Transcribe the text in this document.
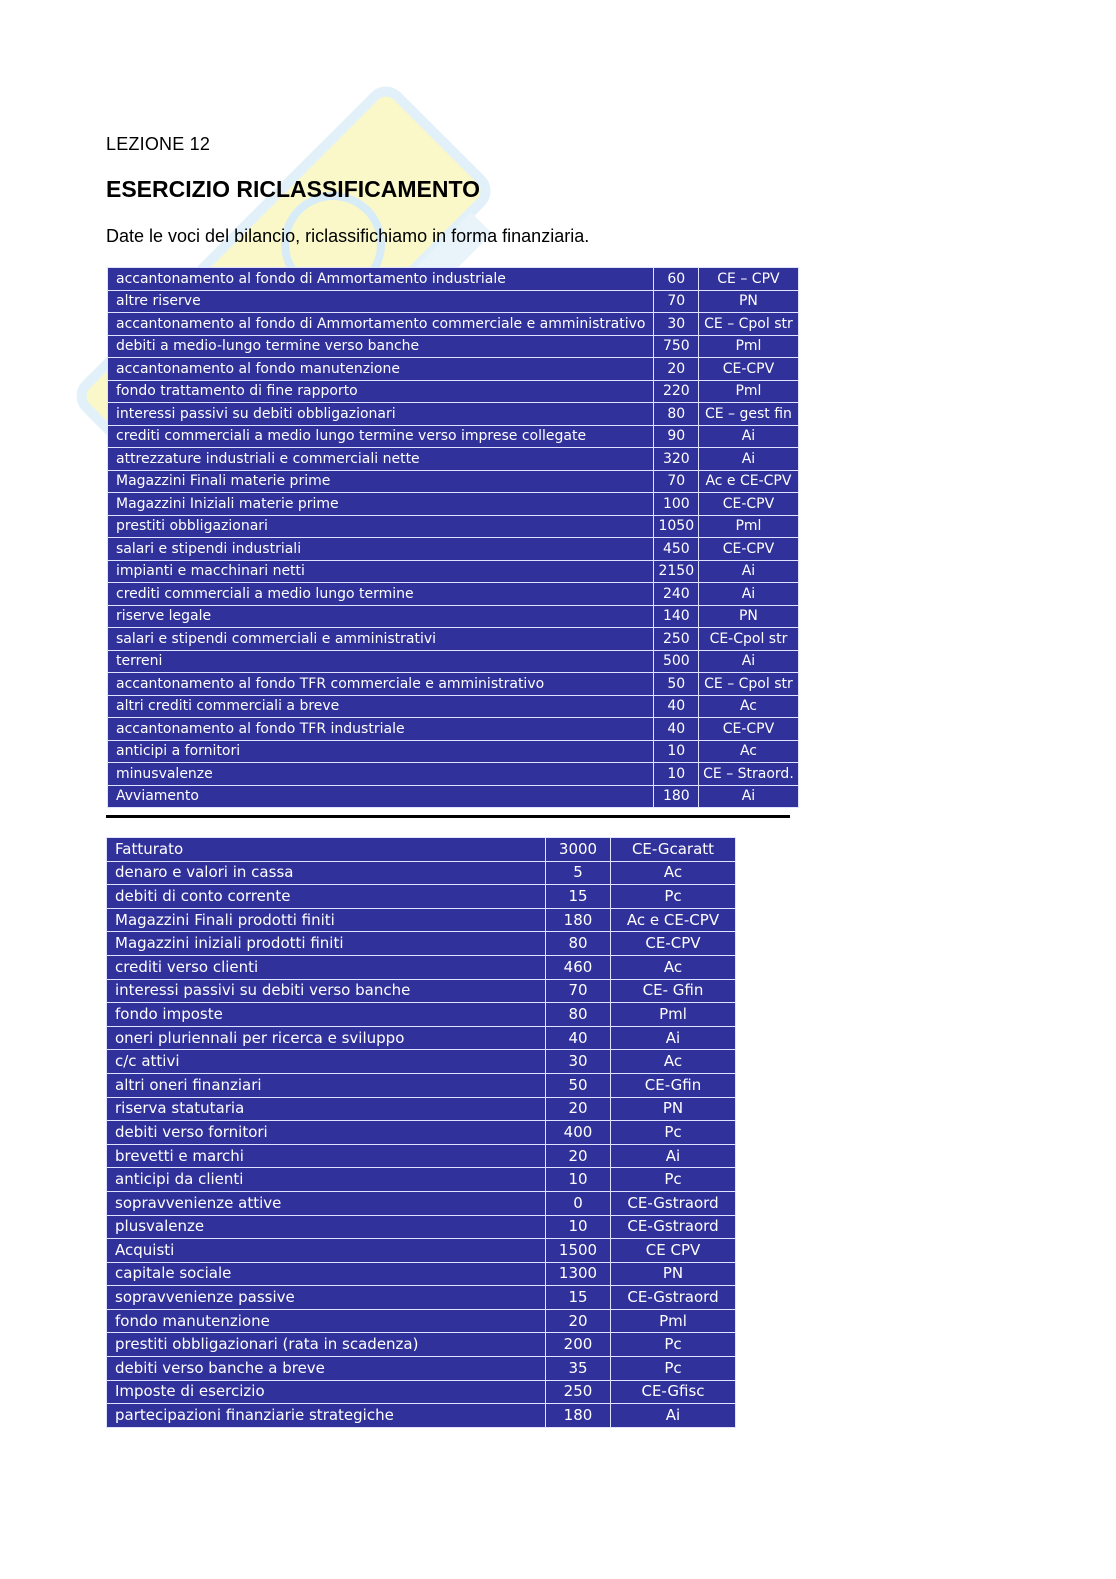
LEZIONE 12
ESERCIZIO RICLASSIFICAMENTO
Date le voci del bilancio, riclassifichiamo in forma finanziaria.
accantonamento al fondo di Ammortamento industriale	60	CE – CPV
altre riserve	70	PN
accantonamento al fondo di Ammortamento commerciale e amministrativo	30	CE – Cpol str
debiti a medio-lungo termine verso banche	750	Pml
accantonamento al fondo manutenzione	20	CE-CPV
fondo trattamento di fine rapporto	220	Pml
interessi passivi su debiti obbligazionari	80	CE – gest fin
crediti commerciali a medio lungo termine verso imprese collegate	90	Ai
attrezzature industriali e commerciali nette	320	Ai
Magazzini Finali materie prime	70	Ac e CE-CPV
Magazzini Iniziali materie prime	100	CE-CPV
prestiti obbligazionari	1050	Pml
salari e stipendi industriali	450	CE-CPV
impianti e macchinari netti	2150	Ai
crediti commerciali a medio lungo termine	240	Ai
riserve legale	140	PN
salari e stipendi commerciali e amministrativi	250	CE-Cpol str
terreni	500	Ai
accantonamento al fondo TFR commerciale e amministrativo	50	CE – Cpol str
altri crediti commerciali a breve	40	Ac
accantonamento al fondo TFR industriale	40	CE-CPV
anticipi a fornitori	10	Ac
minusvalenze	10	CE – Straord.
Avviamento	180	Ai
Fatturato	3000	CE-Gcaratt
denaro e valori in cassa	5	Ac
debiti di conto corrente	15	Pc
Magazzini Finali prodotti finiti	180	Ac e CE-CPV
Magazzini iniziali prodotti finiti	80	CE-CPV
crediti verso clienti	460	Ac
interessi passivi su debiti verso banche	70	CE- Gfin
fondo imposte	80	Pml
oneri pluriennali per ricerca e sviluppo	40	Ai
c/c attivi	30	Ac
altri oneri finanziari	50	CE-Gfin
riserva statutaria	20	PN
debiti verso fornitori	400	Pc
brevetti e marchi	20	Ai
anticipi da clienti	10	Pc
sopravvenienze attive	0	CE-Gstraord
plusvalenze	10	CE-Gstraord
Acquisti	1500	CE CPV
capitale sociale	1300	PN
sopravvenienze passive	15	CE-Gstraord
fondo manutenzione	20	Pml
prestiti obbligazionari (rata in scadenza)	200	Pc
debiti verso banche a breve	35	Pc
Imposte di esercizio	250	CE-Gfisc
partecipazioni finanziarie strategiche	180	Ai
